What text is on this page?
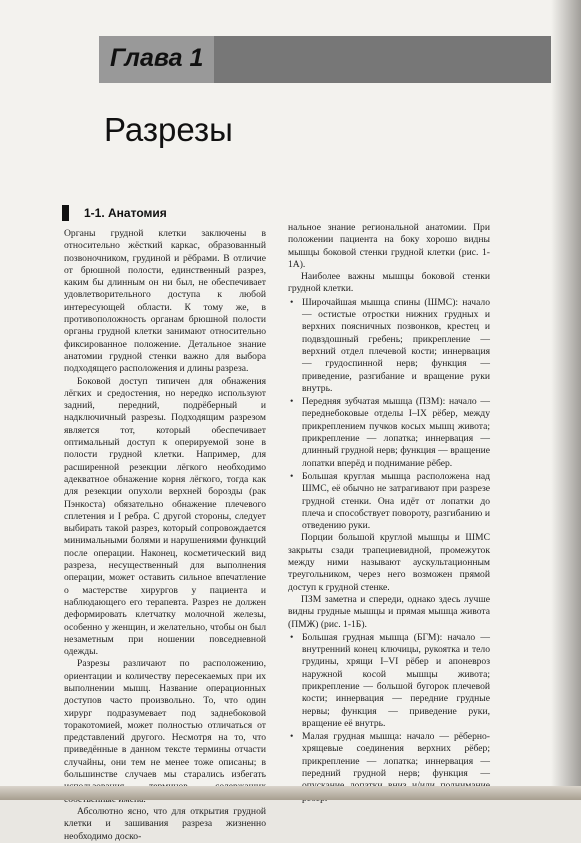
Глава 1
Разрезы
1-1. Анатомия

Органы грудной клетки заключены в относительно жёсткий каркас, образованный позвоночником, грудиной и рёбрами. В отличие от брюшной полости, единственный разрез, каким бы длинным он ни был, не обеспечивает удовлетворительного доступа к любой интересующей области. К тому же, в противоположность органам брюшной полости органы грудной клетки занимают относительно фиксированное положение. Детальное знание анатомии грудной стенки важно для выбора подходящего расположения и длины разреза.

Боковой доступ типичен для обнажения лёгких и средостения, но нередко используют задний, передний, подрёберный и надключичный разрезы. Подходящим разрезом является тот, который обеспечивает оптимальный доступ к оперируемой зоне в полости грудной клетки. Например, для расширенной резекции лёгкого необходимо адекватное обнажение корня лёгкого, тогда как для резекции опухоли верхней борозды (рак Пэнкоста) обязательно обнажение плечевого сплетения и I ребра. С другой стороны, следует выбирать такой разрез, который сопровождается минимальными болями и нарушениями функций после операции. Наконец, косметический вид разреза, несущественный для выполнения операции, может оставить сильное впечатление о мастерстве хирургов у пациента и наблюдающего его терапевта. Разрез не должен деформировать клетчатку молочной железы, особенно у женщин, и желательно, чтобы он был незаметным при ношении повседневной одежды.

Разрезы различают по расположению, ориентации и количеству пересекаемых при их выполнении мышц. Название операционных доступов часто произвольно. То, что один хирург подразумевает под заднебоковой торакотомией, может полностью отличаться от представлений другого. Несмотря на то, что приведённые в данном тексте термины отчасти случайны, они тем не менее тоже описаны; в большинстве случаев мы старались избегать

Абсолютно ясно, что для открытия грудной клетки и зашивания разреза жизненно необходимо доско-

нальное знание региональной анатомии. При положении пациента на боку хорошо видны мышцы боковой стенки грудной клетки (рис. 1-1А).

Наиболее важны мышцы боковой стенки грудной клетки.

• Широчайшая мышца спины (ШМС): начало — остистые отростки нижних грудных и верхних поясничных позвонков, крестец и подвздошный гребень; прикрепление — верхний отдел плечевой кости; иннервация — грудоспинной нерв; функция — приведение, разгибание и вращение руки внутрь.
• Передняя зубчатая мышца (ПЗМ): начало — переднебоковые отделы I–IX рёбер, между прикреплением пучков косых мышц живота; прикрепление — лопатка; иннервация — длинный грудной нерв; функция — вращение лопатки вперёд и поднимание рёбер.
• Большая круглая мышца расположена над ШМС, её обычно не затрагивают при разрезе грудной стенки. Она идёт от лопатки до плеча и способствует повороту, разгибанию и отведению руки.

Порции большой круглой мышцы и ШМС закрыты сзади трапециевидной, промежуток между ними называют аускультационным треугольником, через него возможен прямой доступ к грудной стенке.

ПЗМ заметна и спереди, однако здесь лучше видны грудные мышцы и прямая мышца живота (ПМЖ) (рис. 1-1Б).

• Большая грудная мышца (БГМ): начало — внутренний конец ключицы, рукоятка и тело грудины, хрящи I–VI рёбер и апоневроз наружной косой мышцы живота; прикрепление — большой бугорок плечевой кости; иннервация — передние грудные нервы; функция — приведение руки, вращение её внутрь.
• Малая грудная мышца: начало — рёберно-хрящевые соединения верхних рёбер; прикрепление — лопатка; иннервация — передний грудной нерв; функция —
